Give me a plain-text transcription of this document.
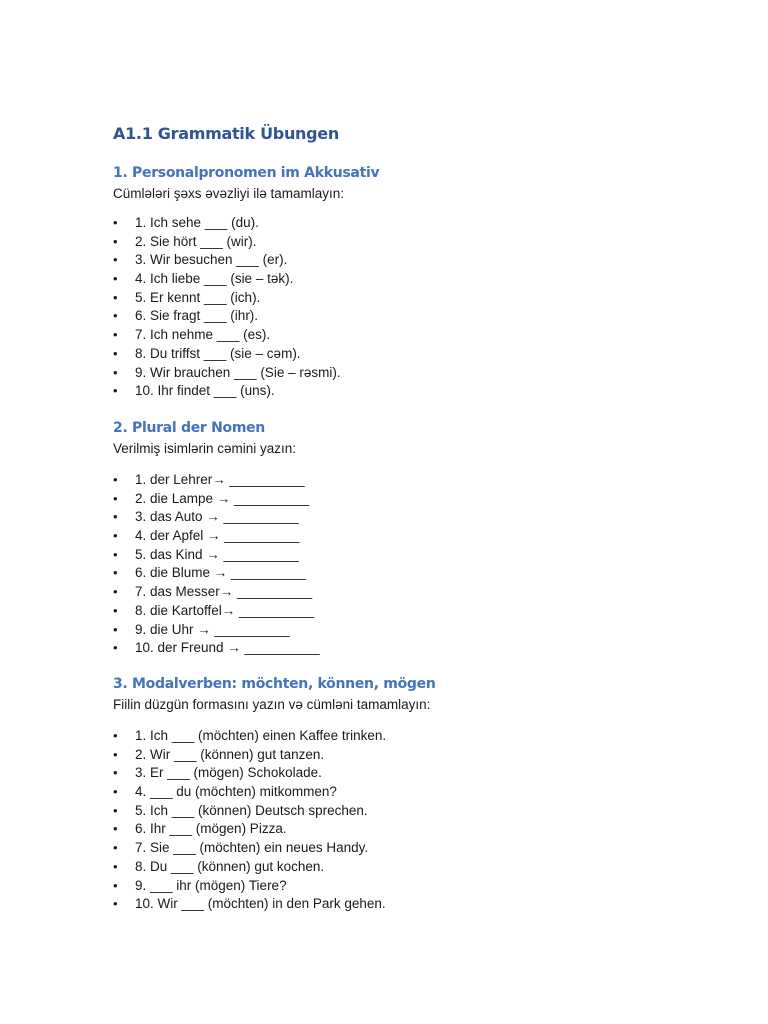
A1.1 Grammatik Übungen
1. Personalpronomen im Akkusativ

Cümlələri şəxs əvəzliyi ilə tamamlayın:

• 1. Ich sehe ___ (du).
• 2. Sie hört ___ (wir).
• 3. Wir besuchen ___ (er).
• 4. Ich liebe ___ (sie – tək).
• 5. Er kennt ___ (ich).
• 6. Sie fragt ___ (ihr).
• 7. Ich nehme ___ (es).
• 8. Du triffst ___ (sie – cəm).
• 9. Wir brauchen ___ (Sie – rəsmi).
• 10. Ihr findet ___ (uns).
2. Plural der Nomen

Verilmiş isimlərin cəmini yazın:

• 1. der Lehrer→ __________
• 2. die Lampe → __________
• 3. das Auto → __________
• 4. der Apfel → __________
• 5. das Kind → __________
• 6. die Blume → __________
• 7. das Messer→ __________
• 8. die Kartoffel→ __________
• 9. die Uhr → __________
• 10. der Freund → __________
3. Modalverben: möchten, können, mögen

Fiilin düzgün formasını yazın və cümləni tamamlayın:

• 1. Ich ___ (möchten) einen Kaffee trinken.
• 2. Wir ___ (können) gut tanzen.
• 3. Er ___ (mögen) Schokolade.
• 4. ___ du (möchten) mitkommen?
• 5. Ich ___ (können) Deutsch sprechen.
• 6. Ihr ___ (mögen) Pizza.
• 7. Sie ___ (möchten) ein neues Handy.
• 8. Du ___ (können) gut kochen.
• 9. ___ ihr (mögen) Tiere?
• 10. Wir ___ (möchten) in den Park gehen.
